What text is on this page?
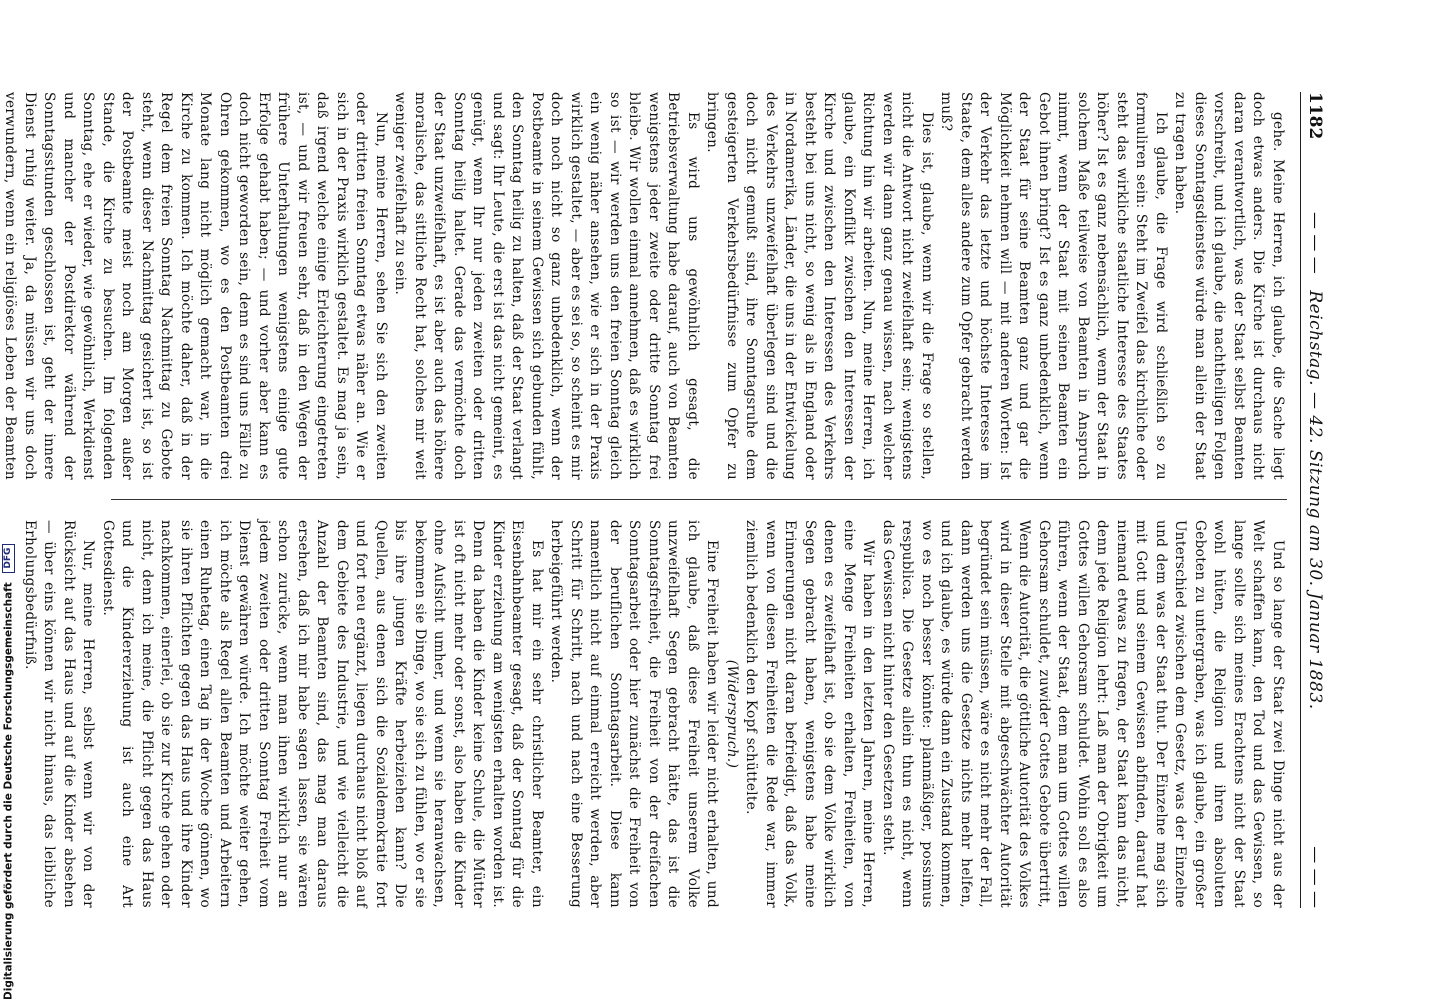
1182
Reichstag. — 42. Sitzung am 30. Januar 1883.
— — —
— — —

gehe. Meine Herren, ich glaube, die Sache liegt doch etwas anders. Die Kirche ist durchaus nicht daran verantwortlich, was der Staat selbst Beamten vorschreibt, und ich glaube, die nachtheiligen Folgen dieses Sonntagsdienstes würde man allein der Staat zu tragen haben.

Ich glaube, die Frage wird schließlich so zu formuliren sein: Steht im Zweifel das kirchliche oder steht das wirkliche staatliche Interesse des Staates höher? Ist es ganz nebensächlich, wenn der Staat in solchem Maße teilweise von Beamten in Anspruch nimmt, wenn der Staat mit seinen Beamten ein Gebot ihnen bringt? Ist es ganz unbedenklich, wenn der Staat für seine Beamten ganz und gar die Möglichkeit nehmen will — mit anderen Worten: Ist der Verkehr das letzte und höchste Interesse im Staate, dem alles andere zum Opfer gebracht werden muß?

Dies ist, glaube, wenn wir die Frage so stellen, nicht die Antwort nicht zweifelhaft sein; wenigstens werden wir dann ganz genau wissen, nach welcher Richtung hin wir arbeiten. Nun, meine Herren, ich glaube, ein Konflikt zwischen den Interessen der Kirche und zwischen den Interessen des Verkehrs besteht bei uns nicht, so wenig als in England oder in Nordamerika, Länder, die uns in der Entwickelung des Verkehrs unzweifelhaft überlegen sind und die doch nicht gemußt sind, ihre Sonntagsruhe dem gesteigerten Verkehrsbedürfnisse zum Opfer zu bringen.

Es wird uns gewöhnlich gesagt, die Betriebsverwaltung habe darauf, auch von Beamten wenigstens jeder zweite oder dritte Sonntag frei bleibe. Wir wollen einmal annehmen, daß es wirklich so ist — wir werden uns den freien Sonntag gleich ein wenig näher ansehen, wie er sich in der Praxis wirklich gestaltet, — aber es sei so, so scheint es mir doch noch nicht so ganz unbedenklich, wenn der Postbeamte in seinem Gewissen sich gebunden fühlt, den Sonntag heilig zu halten, daß der Staat verlangt und sagt: Ihr Leute, die erst ist das nicht gemeint, es genügt, wenn Ihr nur jeden zweiten oder dritten Sonntag heilig haltet. Gerade das vermöchte doch der Staat unzweifelhaft, es ist aber auch das höhere moralische, das sittliche Recht hat, solches mir weit weniger zweifelhaft zu sein.

Nun, meine Herren, sehen Sie sich den zweiten oder dritten freien Sonntag etwas näher an. Wie er sich in der Praxis wirklich gestaltet. Es mag ja sein, daß irgend welche einige Erleichterung eingetreten ist, — und wir freuen sehr, daß in den Wegen der frühere Unterhaltungen wenigstens einige gute Erfolge gehabt haben; — und vorher aber kann es doch nicht geworden sein, denn es sind uns Fälle zu Ohren gekommen, wo es den Postbeamten drei Monate lang nicht möglich gemacht war, in die Kirche zu kommen. Ich möchte daher, daß in der Regel dem freien Sonntag Nachmittag zu Gebote steht, wenn dieser Nachmittag gesichert ist, so ist der Postbeamte meist noch am Morgen außer Stande, die Kirche zu besuchen. Im folgenden Sonntag, ehe er wieder, wie gewöhnlich, Werkdienst und mancher der Postdirektor während der Sonntagsstunden geschlossen ist, geht der innere Dienst ruhig weiter. Ja, da müssen wir uns doch verwundern, wenn ein religiöses Leben der Beamten

Und so lange der Staat zwei Dinge nicht aus der Welt schaffen kann, den Tod und das Gewissen, so lange sollte sich meines Erachtens nicht der Staat wohl hüten, die Religion und ihren absoluten Geboten zu untergraben, was ich glaube, ein großer Unterschied zwischen dem Gesetz, was der Einzelne und dem was der Staat thut. Der Einzelne mag sich mit Gott und seinem Gewissen abfinden, darauf hat niemand etwas zu fragen, der Staat kann das nicht, denn jede Religion lehrt: Laß man der Obrigkeit um Gottes willen Gehorsam schuldet. Wohin soll es also führen, wenn der Staat, dem man um Gottes willen Gehorsam schuldet, zuwider Gottes Gebote übertritt, Wenn die Autorität, die göttliche Autorität des Volkes wird in dieser Stelle mit abgeschwächter Autorität begründet sein müssen, wäre es nicht mehr der Fall, dann werden uns die Gesetze nichts mehr helfen, und ich glaube, es würde dann ein Zustand kommen, wo es noch besser könnte: planmäßiger, possimus respublica. Die Gesetze allein thun es nicht, wenn das Gewissen nicht hinter den Gesetzen steht.

Wir haben in den letzten Jahren, meine Herren, eine Menge Freiheiten erhalten, Freiheiten, von denen es zweifelhaft ist, ob sie dem Volke wirklich Segen gebracht haben, wenigstens habe meine Erinnerungen nicht daran befriedigt, daß das Volk, wenn von diesen Freiheiten die Rede war, immer ziemlich bedenklich den Kopf schüttelte.

(Widerspruch.)

Eine Freiheit haben wir leider nicht erhalten, und ich glaube, daß diese Freiheit unserem Volke unzweifelhaft Segen gebracht hätte, das ist die Sonntagsfreiheit, die Freiheit von der dreifachen Sonntagsarbeit oder hier zunächst die Freiheit von der beruflichen Sonntagsarbeit. Diese kann namentlich nicht auf einmal erreicht werden, aber Schritt für Schritt, nach und nach eine Besserung herbeigeführt werden.

Es hat mir ein sehr christlicher Beamter, ein Eisenbahnbeamter gesagt, daß der Sonntag für die Kinder erziehung am wenigsten erhalten worden ist. Denn da haben die Kinder keine Schule, die Mütter ist oft nicht mehr oder sonst, also haben die Kinder ohne Aufsicht umher, und wenn sie heranwachsen, bekommen sie Dinge, wo sie sich zu fühlen, wo er sie bis ihre jungen Kräfte herbeiziehen kann? Die Quellen, aus denen sich die Sozialdemokratie fort und fort neu ergänzt, liegen durchaus nicht bloß auf dem Gebiete des Industrie, und wie vielleicht die Anzahl der Beamten sind, das mag man daraus ersehen, daß ich mir habe sagen lassen, sie wären schon zurücke, wenn man ihnen wirklich nur an jedem zweiten oder dritten Sonntag Freiheit vom Dienst gewähren würde. Ich möchte weiter gehen, ich möchte als Regel allen Beamten und Arbeitern einen Ruhetag, einen Tag in der Woche gönnen, wo sie ihren Pflichten gegen das Haus und ihre Kinder nachkommen, einerlei, ob sie zur Kirche gehen oder nicht, denn ich meine, die Pflicht gegen das Haus und die Kindererziehung ist auch eine Art Gottesdienst.

Nur, meine Herren, selbst wenn wir von der Rücksicht auf das Haus und auf die Kinder absehen — über eins können wir nicht hinaus, das leibliche Erholungsbedürfniß.

Digitalisierung gefördert durch die Deutsche Forschungsgemeinschaft DFG
